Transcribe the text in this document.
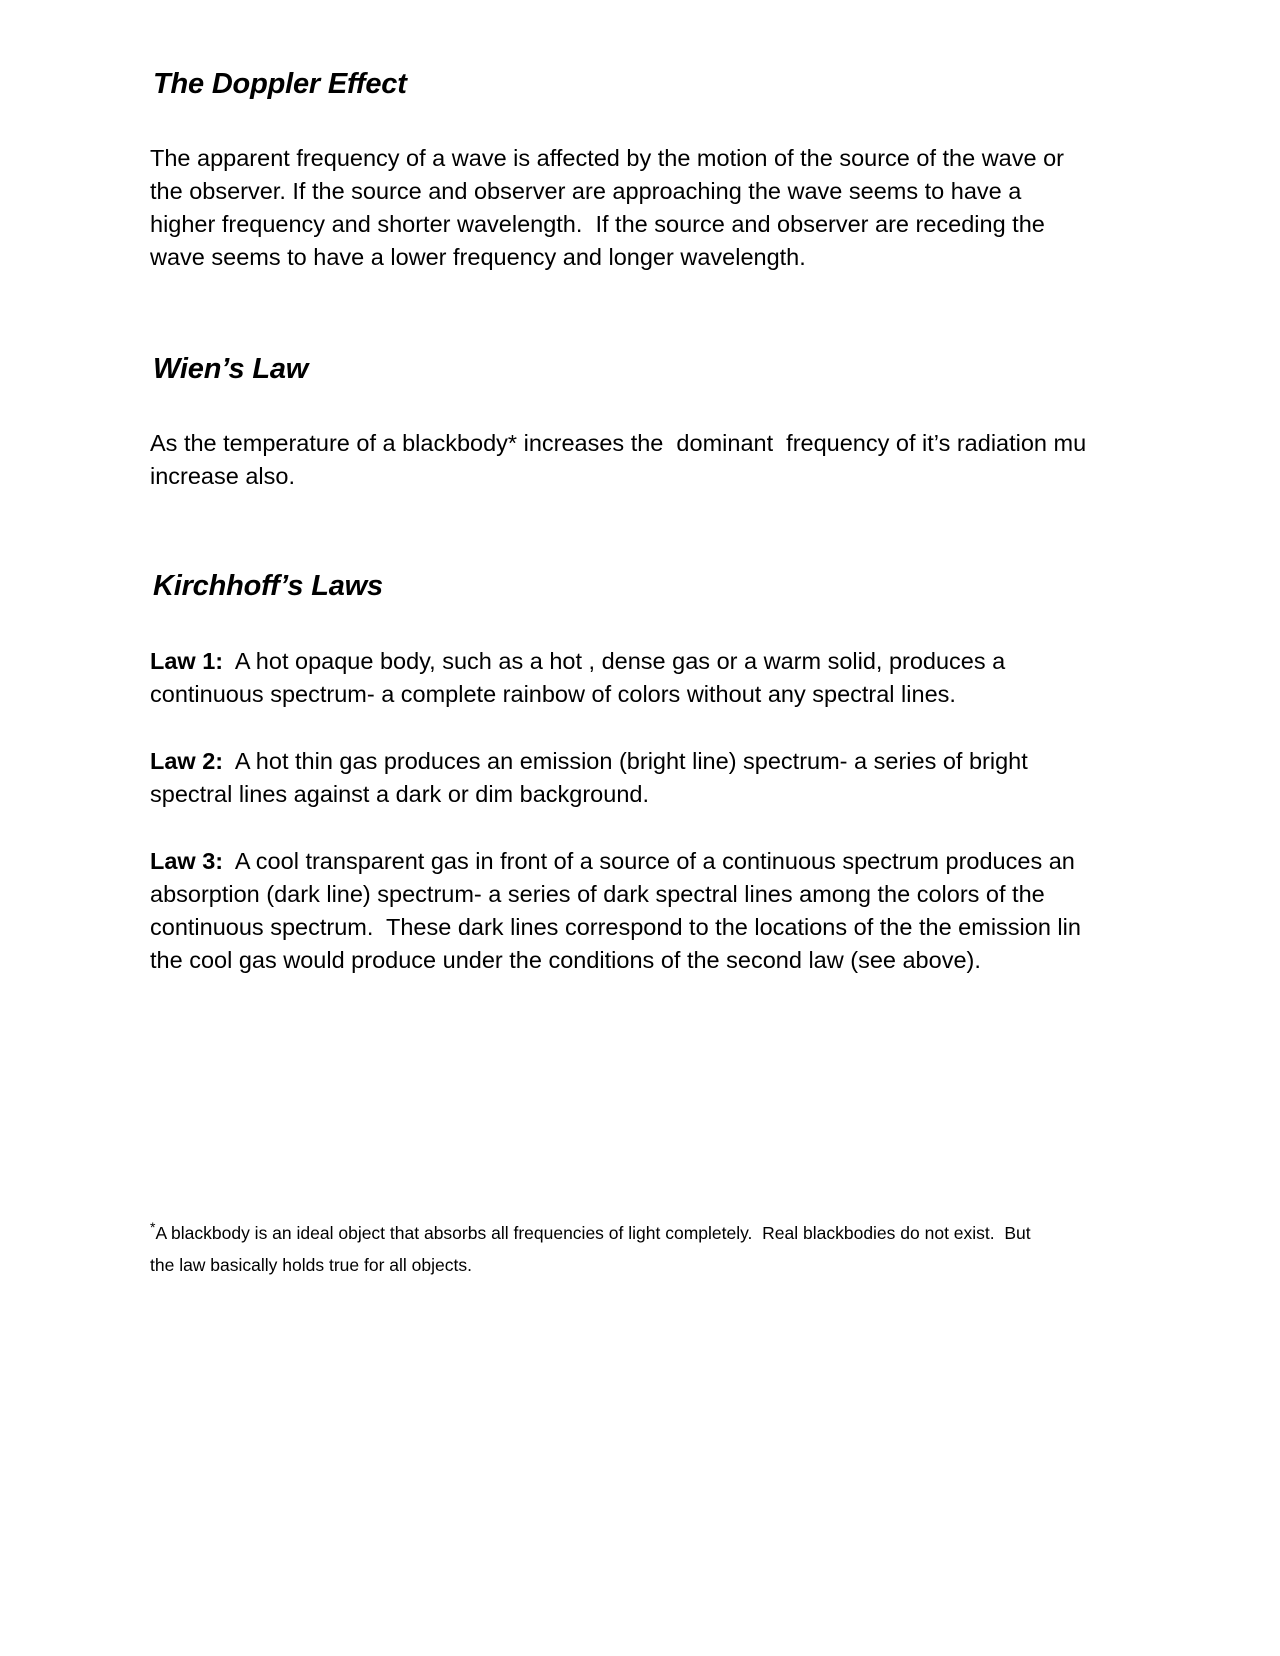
The Doppler Effect
The apparent frequency of a wave is affected by the motion of the source of the wave or
the observer. If the source and observer are approaching the wave seems to have a
higher frequency and shorter wavelength.  If the source and observer are receding the
wave seems to have a lower frequency and longer wavelength.
Wien’s Law
As the temperature of a blackbody* increases the  dominant  frequency of it’s radiation mu
increase also.
Kirchhoff’s Laws
Law 1:  A hot opaque body, such as a hot , dense gas or a warm solid, produces a
continuous spectrum- a complete rainbow of colors without any spectral lines.
Law 2:  A hot thin gas produces an emission (bright line) spectrum- a series of bright
spectral lines against a dark or dim background.
Law 3:  A cool transparent gas in front of a source of a continuous spectrum produces an
absorption (dark line) spectrum- a series of dark spectral lines among the colors of the
continuous spectrum.  These dark lines correspond to the locations of the the emission lin
the cool gas would produce under the conditions of the second law (see above).
*A blackbody is an ideal object that absorbs all frequencies of light completely.  Real blackbodies do not exist.  But
the law basically holds true for all objects.
